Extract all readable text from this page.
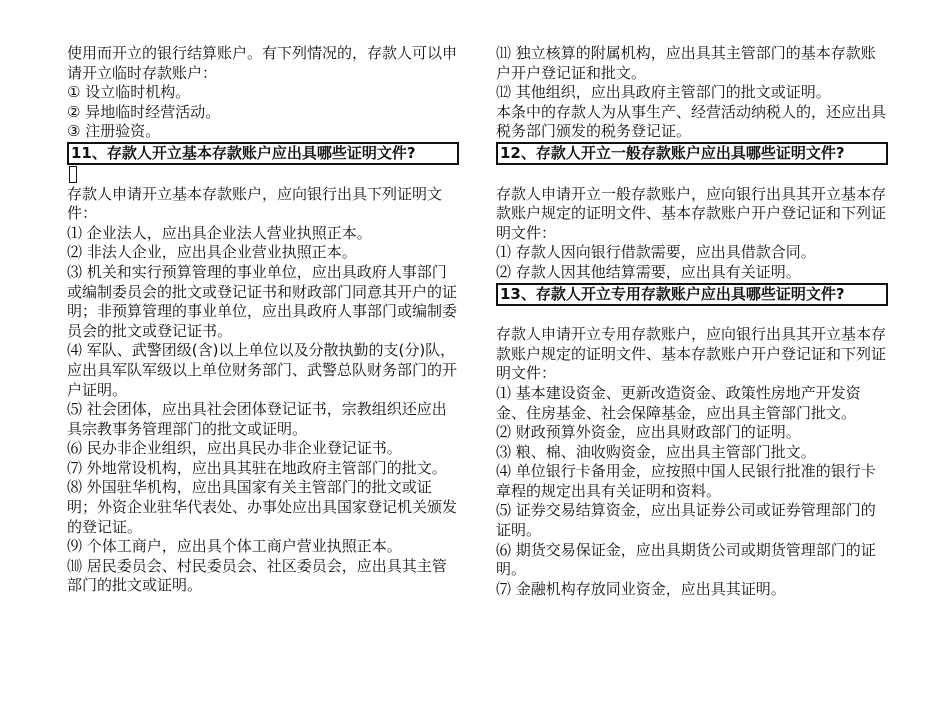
使用而开立的银行结算账户。有下列情况的，存款人可以申请开立临时存款账户：

① 设立临时机构。

② 异地临时经营活动。

③ 注册验资。

11、存款人开立基本存款账户应出具哪些证明文件?

存款人申请开立基本存款账户，应向银行出具下列证明文件：

⑴ 企业法人，应出具企业法人营业执照正本。

⑵ 非法人企业，应出具企业营业执照正本。

⑶ 机关和实行预算管理的事业单位，应出具政府人事部门或编制委员会的批文或登记证书和财政部门同意其开户的证明；非预算管理的事业单位，应出具政府人事部门或编制委员会的批文或登记证书。

⑷ 军队、武警团级(含)以上单位以及分散执勤的支(分)队，应出具军队军级以上单位财务部门、武警总队财务部门的开户证明。

⑸ 社会团体，应出具社会团体登记证书，宗教组织还应出具宗教事务管理部门的批文或证明。

⑹ 民办非企业组织，应出具民办非企业登记证书。

⑺ 外地常设机构，应出具其驻在地政府主管部门的批文。

⑻ 外国驻华机构，应出具国家有关主管部门的批文或证明；外资企业驻华代表处、办事处应出具国家登记机关颁发的登记证。

⑼ 个体工商户，应出具个体工商户营业执照正本。

⑽ 居民委员会、村民委员会、社区委员会，应出具其主管部门的批文或证明。

⑾ 独立核算的附属机构，应出具其主管部门的基本存款账户开户登记证和批文。

⑿ 其他组织，应出具政府主管部门的批文或证明。

本条中的存款人为从事生产、经营活动纳税人的，还应出具税务部门颁发的税务登记证。

12、存款人开立一般存款账户应出具哪些证明文件?

存款人申请开立一般存款账户，应向银行出具其开立基本存款账户规定的证明文件、基本存款账户开户登记证和下列证明文件：

⑴ 存款人因向银行借款需要，应出具借款合同。

⑵ 存款人因其他结算需要，应出具有关证明。

13、存款人开立专用存款账户应出具哪些证明文件?

存款人申请开立专用存款账户，应向银行出具其开立基本存款账户规定的证明文件、基本存款账户开户登记证和下列证明文件：

⑴ 基本建设资金、更新改造资金、政策性房地产开发资金、住房基金、社会保障基金，应出具主管部门批文。

⑵ 财政预算外资金，应出具财政部门的证明。

⑶ 粮、棉、油收购资金，应出具主管部门批文。

⑷ 单位银行卡备用金，应按照中国人民银行批准的银行卡章程的规定出具有关证明和资料。

⑸ 证券交易结算资金，应出具证券公司或证券管理部门的证明。

⑹ 期货交易保证金，应出具期货公司或期货管理部门的证明。

⑺ 金融机构存放同业资金，应出具其证明。
